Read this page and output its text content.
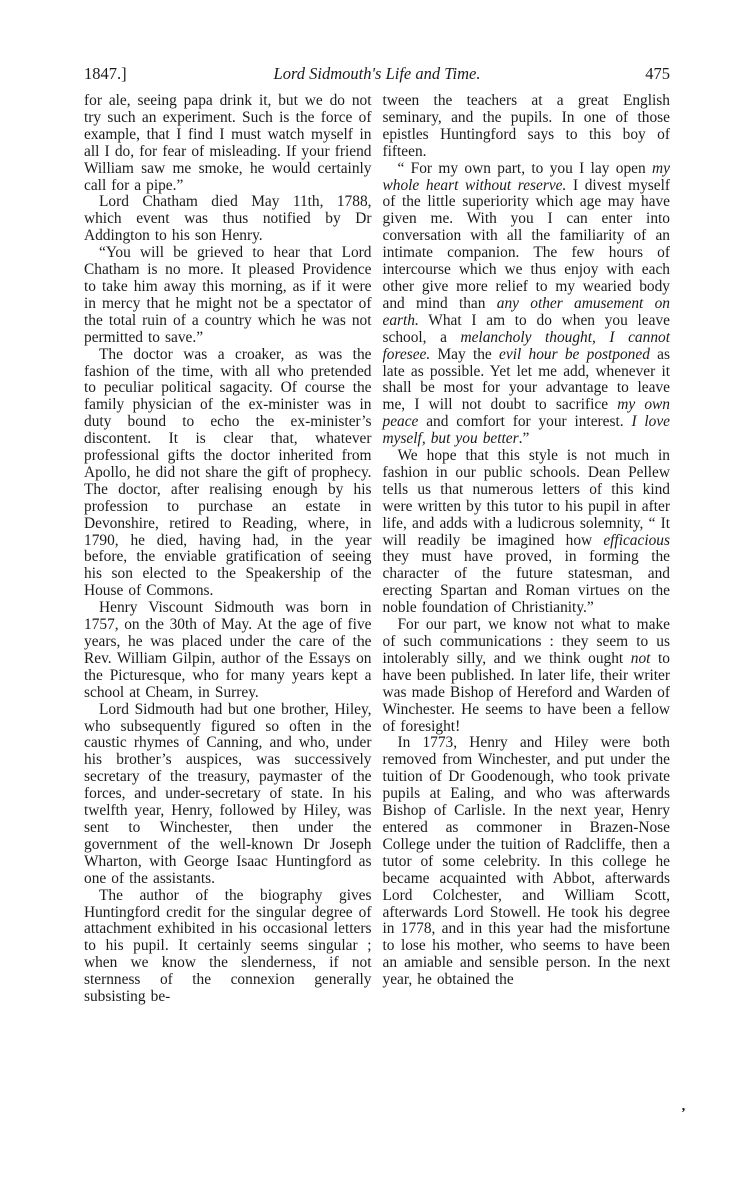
1847.]	Lord Sidmouth's Life and Time.	475

for ale, seeing papa drink it, but we do not try such an experiment. Such is the force of example, that I find I must watch myself in all I do, for fear of misleading. If your friend William saw me smoke, he would certainly call for a pipe.”

Lord Chatham died May 11th, 1788, which event was thus notified by Dr Addington to his son Henry.

“You will be grieved to hear that Lord Chatham is no more. It pleased Providence to take him away this morning, as if it were in mercy that he might not be a spectator of the total ruin of a country which he was not permitted to save.”

The doctor was a croaker, as was the fashion of the time, with all who pretended to peculiar political sagacity. Of course the family physician of the ex-minister was in duty bound to echo the ex-minister’s discontent. It is clear that, whatever professional gifts the doctor inherited from Apollo, he did not share the gift of prophecy. The doctor, after realising enough by his profession to purchase an estate in Devonshire, retired to Reading, where, in 1790, he died, having had, in the year before, the enviable gratification of seeing his son elected to the Speakership of the House of Commons.

Henry Viscount Sidmouth was born in 1757, on the 30th of May. At the age of five years, he was placed under the care of the Rev. William Gilpin, author of the Essays on the Picturesque, who for many years kept a school at Cheam, in Surrey.

Lord Sidmouth had but one brother, Hiley, who subsequently figured so often in the caustic rhymes of Canning, and who, under his brother’s auspices, was successively secretary of the treasury, paymaster of the forces, and under-secretary of state. In his twelfth year, Henry, followed by Hiley, was sent to Winchester, then under the government of the well-known Dr Joseph Wharton, with George Isaac Huntingford as one of the assistants.

The author of the biography gives Huntingford credit for the singular degree of attachment exhibited in his occasional letters to his pupil. It certainly seems singular ; when we know the slenderness, if not sternness of the connexion generally subsisting be-

tween the teachers at a great English seminary, and the pupils. In one of those epistles Huntingford says to this boy of fifteen.

“ For my own part, to you I lay open my whole heart without reserve. I divest myself of the little superiority which age may have given me. With you I can enter into conversation with all the familiarity of an intimate companion. The few hours of intercourse which we thus enjoy with each other give more relief to my wearied body and mind than any other amusement on earth. What I am to do when you leave school, a melancholy thought, I cannot foresee. May the evil hour be postponed as late as possible. Yet let me add, whenever it shall be most for your advantage to leave me, I will not doubt to sacrifice my own peace and comfort for your interest. I love myself, but you better.”

We hope that this style is not much in fashion in our public schools. Dean Pellew tells us that numerous letters of this kind were written by this tutor to his pupil in after life, and adds with a ludicrous solemnity, “ It will readily be imagined how efficacious they must have proved, in forming the character of the future statesman, and erecting Spartan and Roman virtues on the noble foundation of Christianity.”

For our part, we know not what to make of such communications : they seem to us intolerably silly, and we think ought not to have been published. In later life, their writer was made Bishop of Hereford and Warden of Winchester. He seems to have been a fellow of foresight!

In 1773, Henry and Hiley were both removed from Winchester, and put under the tuition of Dr Goodenough, who took private pupils at Ealing, and who was afterwards Bishop of Carlisle. In the next year, Henry entered as commoner in Brazen-Nose College under the tuition of Radcliffe, then a tutor of some celebrity. In this college he became acquainted with Abbot, afterwards Lord Colchester, and William Scott, afterwards Lord Stowell. He took his degree in 1778, and in this year had the misfortune to lose his mother, who seems to have been an amiable and sensible person. In the next year, he obtained the

’
